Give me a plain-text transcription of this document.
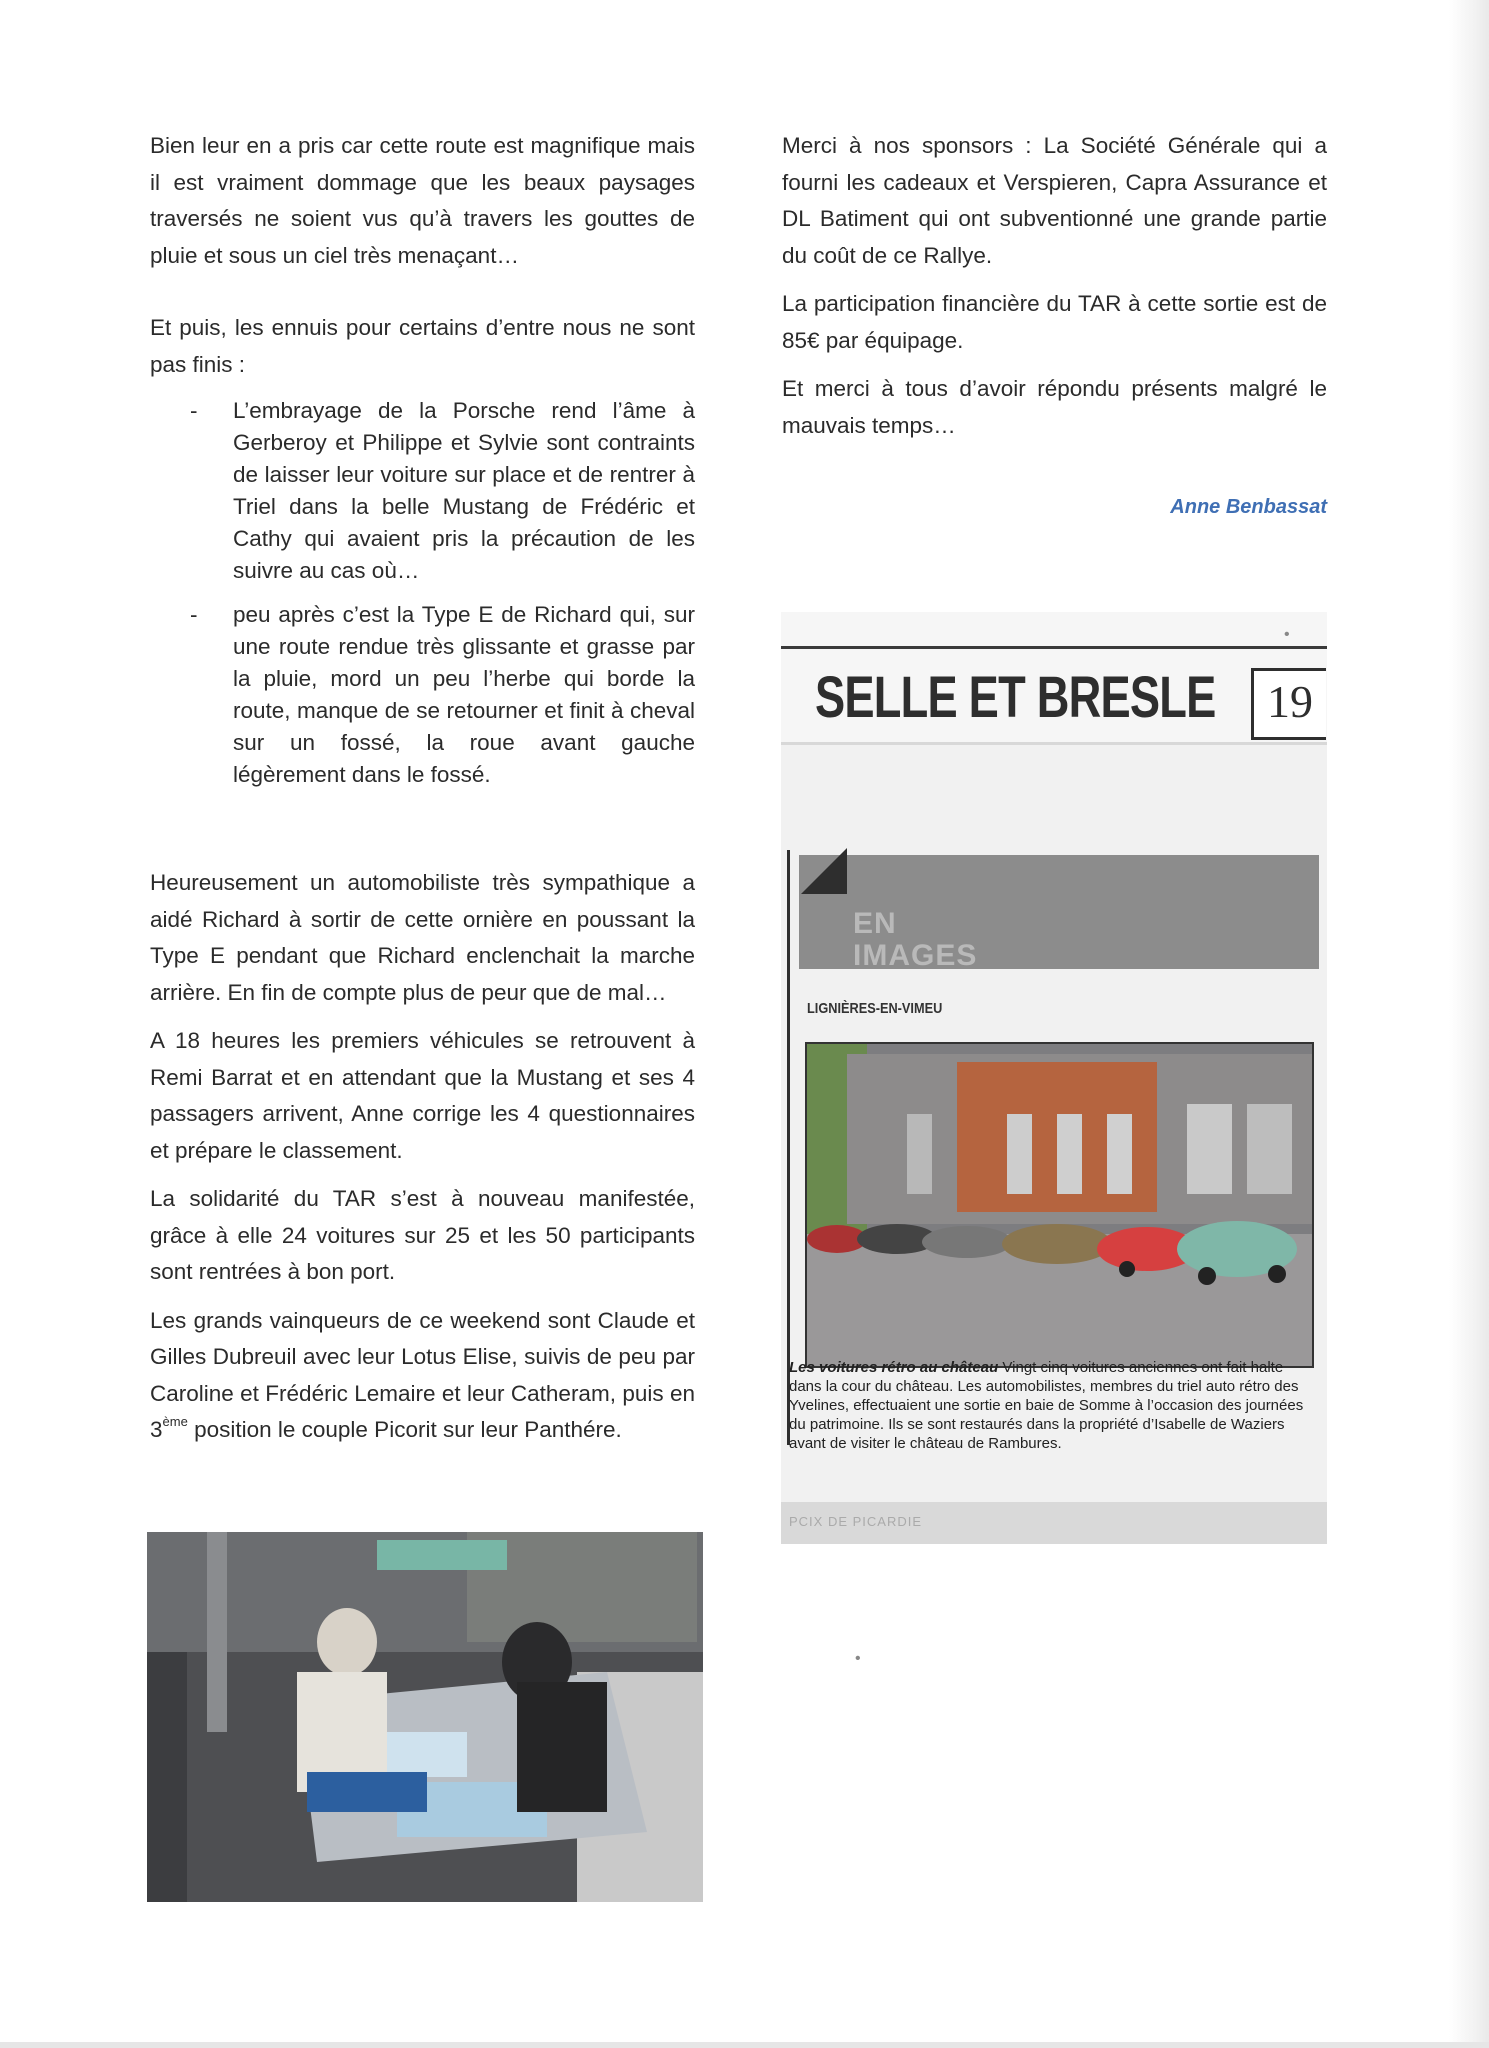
Bien leur en a pris car cette route est magnifique mais il est vraiment dommage que les beaux paysages traversés ne soient vus qu’à travers les gouttes de pluie et sous un ciel très menaçant…

Et puis, les ennuis pour certains d’entre nous ne sont pas finis :

- L’embrayage de la Porsche rend l’âme à Gerberoy et Philippe et Sylvie sont contraints de laisser leur voiture sur place et de rentrer à Triel dans la belle Mustang de Frédéric et Cathy qui avaient pris la précaution de les suivre au cas où…

- peu après c’est la Type E de Richard qui, sur une route rendue très glissante et grasse par la pluie, mord un peu l’herbe qui borde la route, manque de se retourner et finit à cheval sur un fossé, la roue avant gauche légèrement dans le fossé.

Heureusement un automobiliste très sympathique a aidé Richard à sortir de cette ornière en poussant la Type E pendant que Richard enclenchait la marche arrière. En fin de compte plus de peur que de mal…

A 18 heures les premiers véhicules se retrouvent à Remi Barrat et en attendant que la Mustang et ses 4 passagers arrivent, Anne corrige les 4 questionnaires et prépare le classement.

La solidarité du TAR s’est à nouveau manifestée, grâce à elle 24 voitures sur 25 et les 50 participants sont rentrées à bon port.

Les grands vainqueurs de ce weekend sont Claude et Gilles Dubreuil avec leur Lotus Elise, suivis de peu par Caroline et Frédéric Lemaire et leur Catheram, puis en 3ème position le couple Picorit sur leur Panthére.

Merci à nos sponsors : La Société Générale qui a fourni les cadeaux et Verspieren, Capra Assurance et DL Batiment qui ont subventionné une grande partie du coût de ce Rallye.

La participation financière du TAR à cette sortie est de 85€ par équipage.

Et merci à tous d’avoir répondu présents malgré le mauvais temps…

Anne Benbassat
SELLE ET BRESLE	19
EN
IMAGES
LIGNIÈRES-EN-VIMEU
Les voitures rétro au château Vingt cinq voitures anciennes ont fait halte dans la cour du château. Les automobilistes, membres du triel auto rétro des Yvelines, effectuaient une sortie en baie de Somme à l’occasion des journées du patrimoine. Ils se sont restaurés dans la propriété d’Isabelle de Waziers avant de visiter le château de Rambures.
PCIX DE PICARDIE
•
•
